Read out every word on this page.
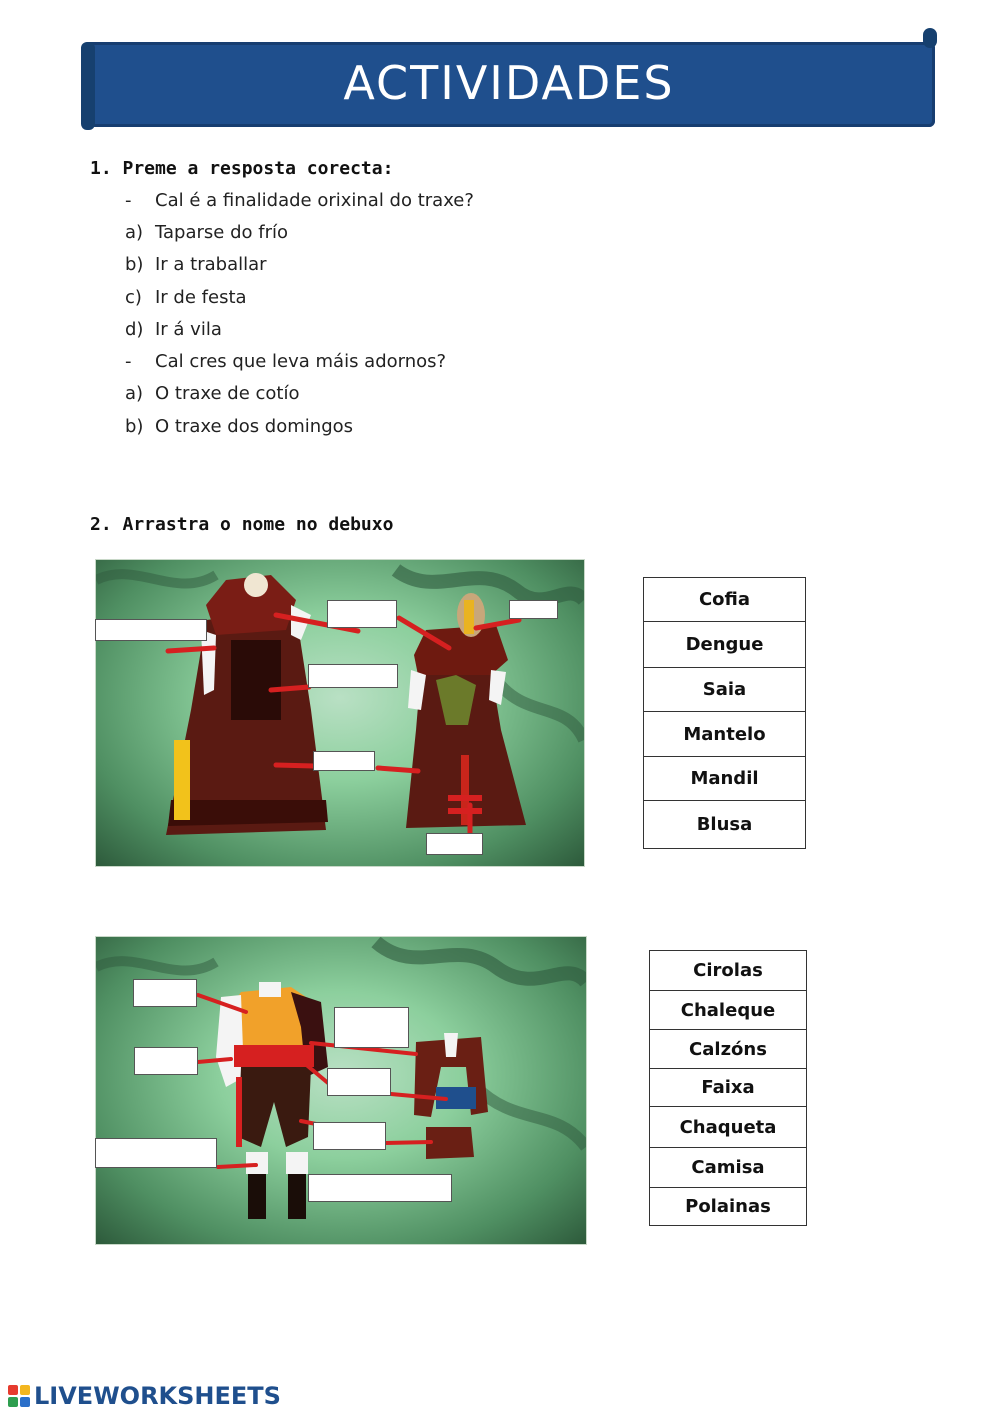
ACTIVIDADES
1. Preme a resposta corecta:
- Cal é a finalidade orixinal do traxe?
a) Taparse do frío
b) Ir a traballar
c) Ir de festa
d) Ir á vila
- Cal cres que leva máis adornos?
a) O traxe de cotío
b) O traxe dos domingos
2. Arrastra o nome no debuxo
Cofia
Dengue
Saia
Mantelo
Mandil
Blusa
Cirolas
Chaleque
Calzóns
Faixa
Chaqueta
Camisa
Polainas
LIVEWORKSHEETS
